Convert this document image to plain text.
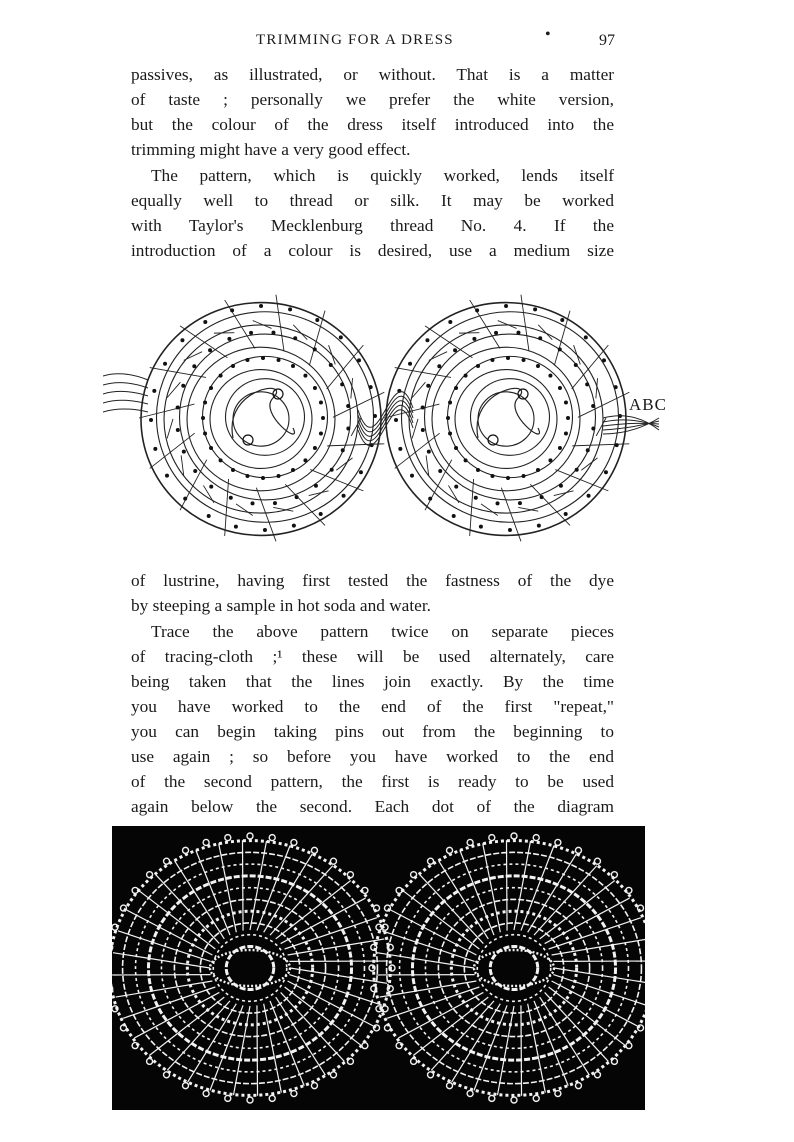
TRIMMING FOR A DRESS	•	97
passives, as illustrated, or without. That is a matter
of taste ; personally we prefer the white version,
but the colour of the dress itself introduced into the
trimming might have a very good effect.
The pattern, which is quickly worked, lends itself
equally well to thread or silk. It may be worked
with Taylor's Mecklenburg thread No. 4. If the
introduction of a colour is desired, use a medium size
ABC
of lustrine, having first tested the fastness of the dye
by steeping a sample in hot soda and water.
Trace the above pattern twice on separate pieces
of tracing-cloth ;¹ these will be used alternately, care
being taken that the lines join exactly. By the time
you have worked to the end of the first "repeat,"
you can begin taking pins out from the beginning to
use again ; so before you have worked to the end
of the second pattern, the first is ready to be used
again below the second. Each dot of the diagram
